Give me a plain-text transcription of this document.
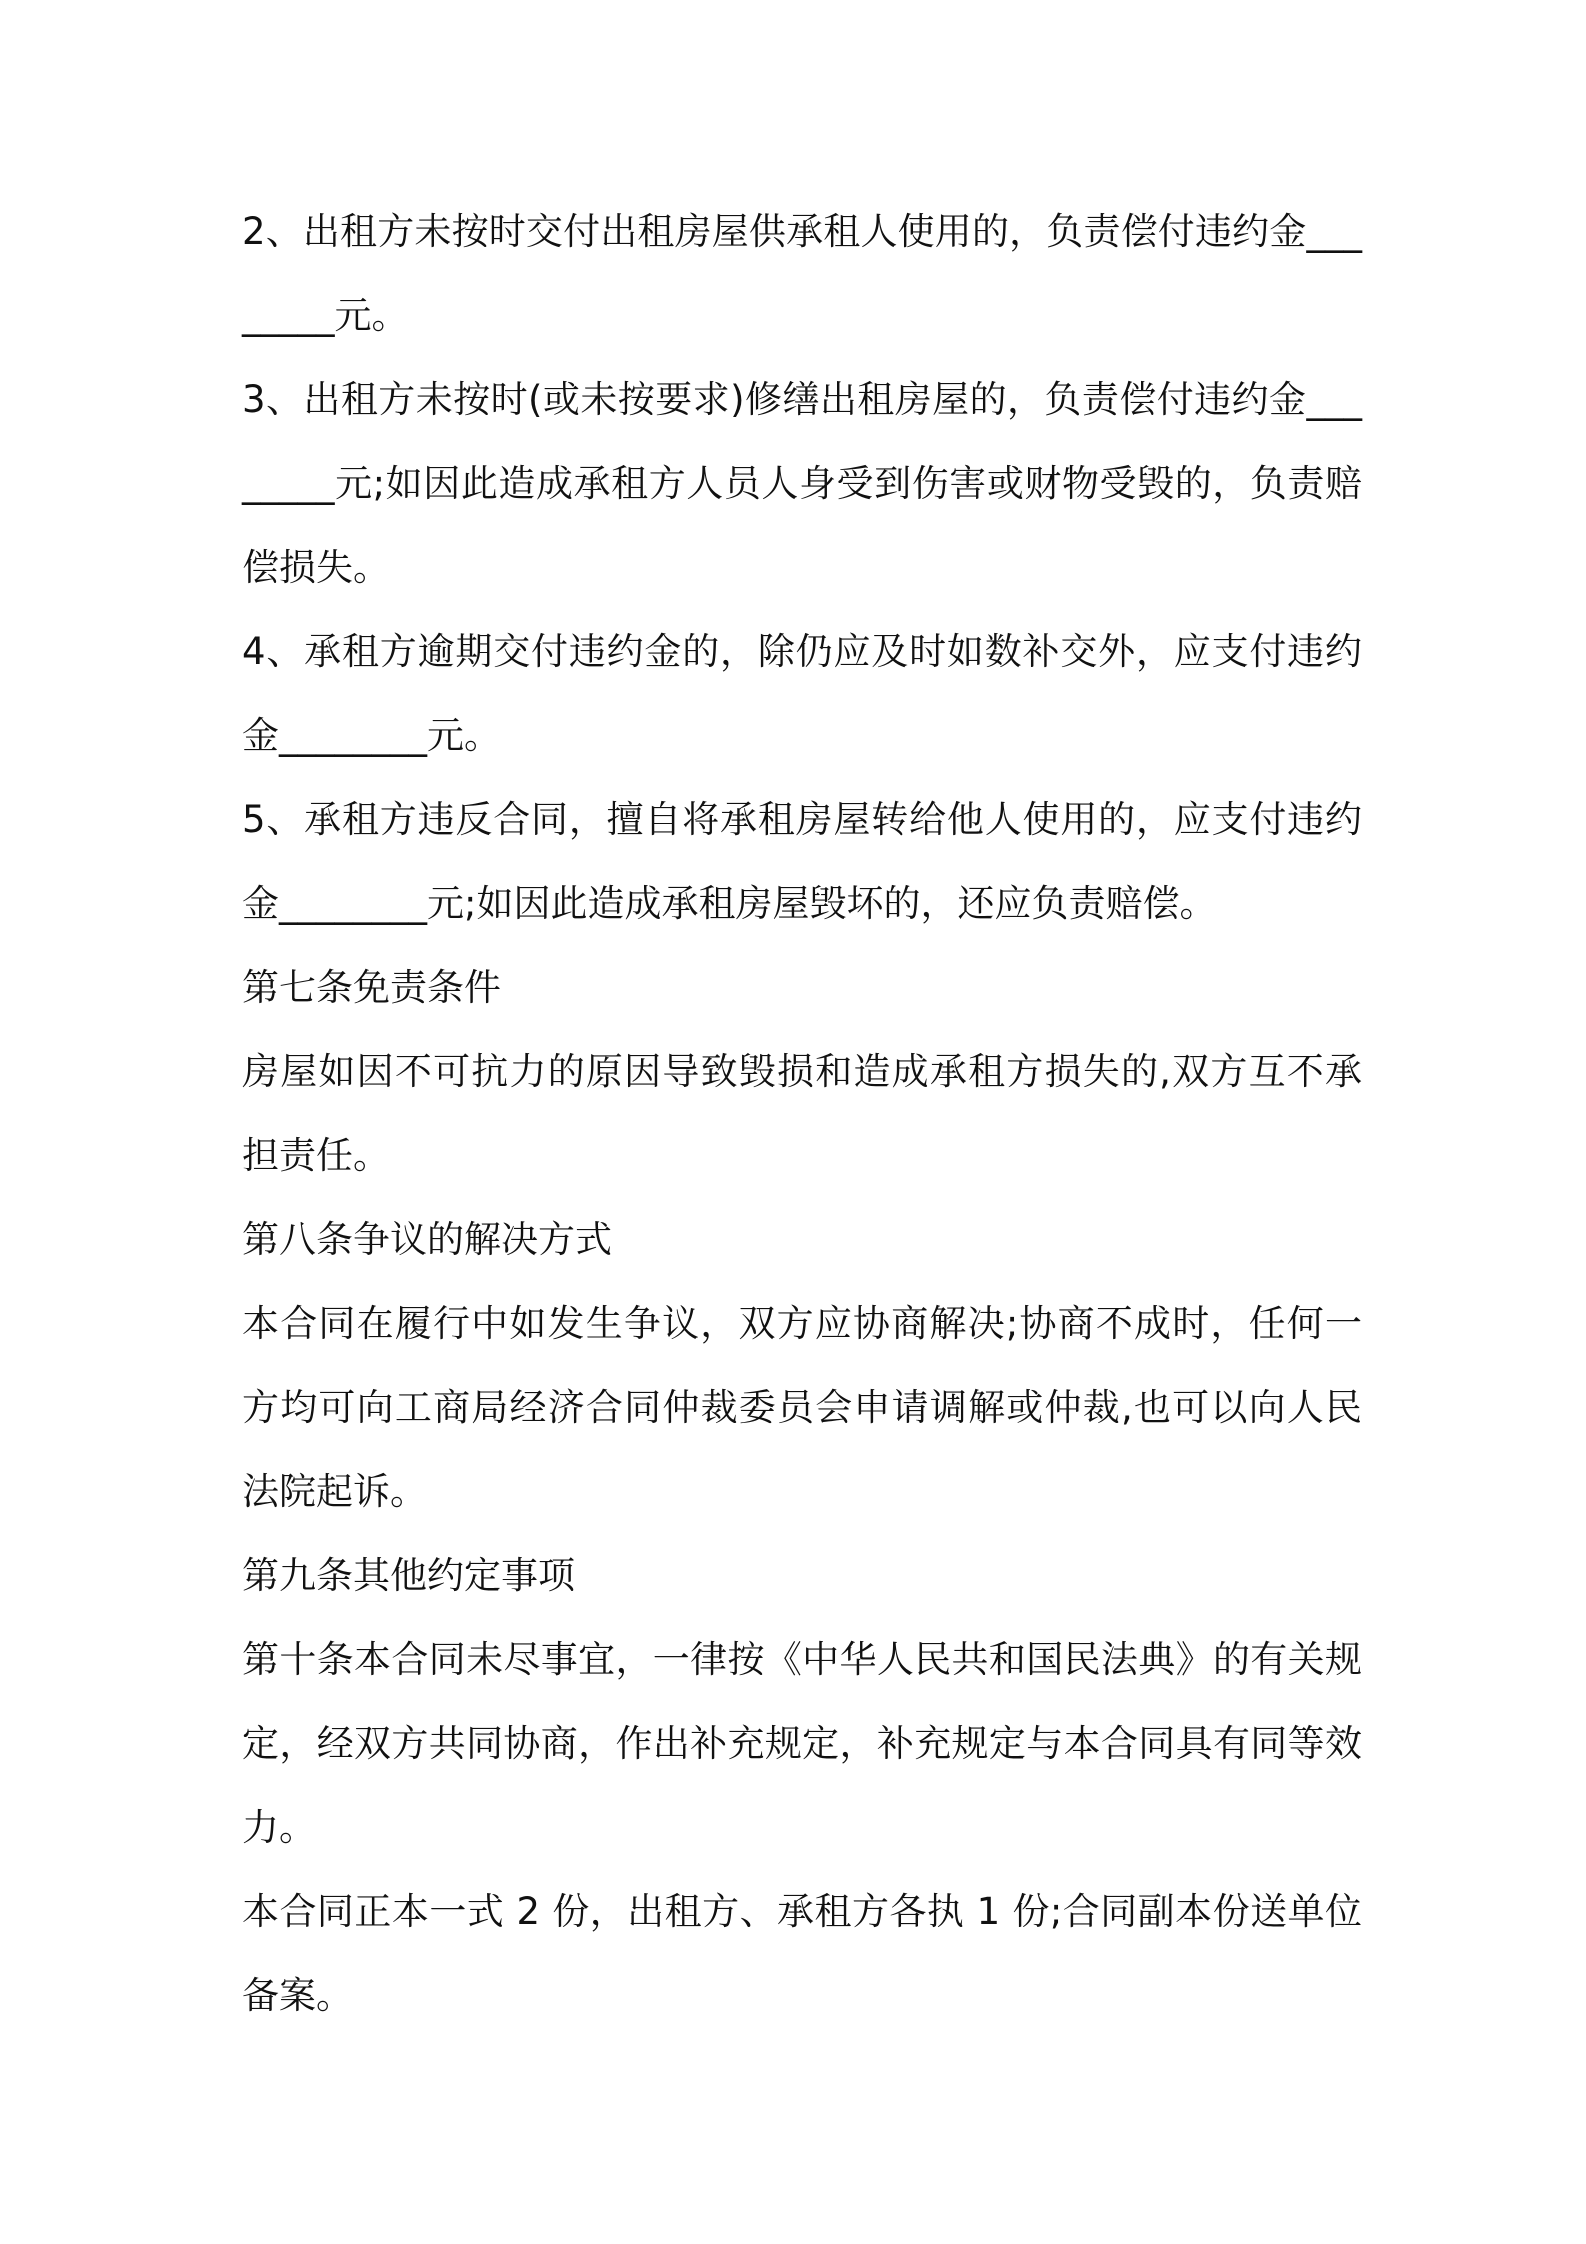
2、出租方未按时交付出租房屋供承租人使用的，负责偿付违约金________元。

3、出租方未按时(或未按要求)修缮出租房屋的，负责偿付违约金________元;如因此造成承租方人员人身受到伤害或财物受毁的，负责赔偿损失。

4、承租方逾期交付违约金的，除仍应及时如数补交外，应支付违约金________元。

5、承租方违反合同，擅自将承租房屋转给他人使用的，应支付违约金________元;如因此造成承租房屋毁坏的，还应负责赔偿。

第七条免责条件

房屋如因不可抗力的原因导致毁损和造成承租方损失的,双方互不承担责任。

第八条争议的解决方式

本合同在履行中如发生争议，双方应协商解决;协商不成时，任何一方均可向工商局经济合同仲裁委员会申请调解或仲裁,也可以向人民法院起诉。

第九条其他约定事项

第十条本合同未尽事宜，一律按《中华人民共和国民法典》的有关规定，经双方共同协商，作出补充规定，补充规定与本合同具有同等效力。

本合同正本一式 2 份，出租方、承租方各执 1 份;合同副本份送单位备案。
